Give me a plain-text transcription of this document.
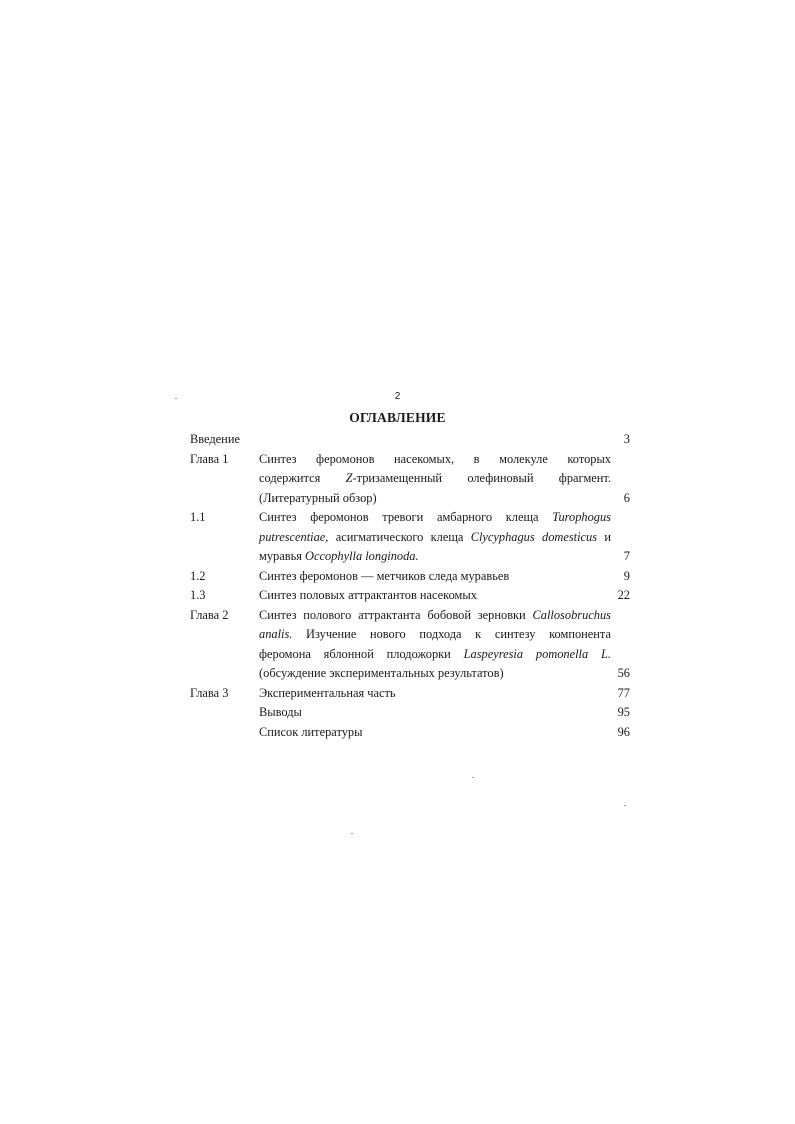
2
ОГЛАВЛЕНИЕ
Введение	3
Глава 1	Синтез феромонов насекомых, в молекуле которых
содержится Z-тризамещенный олефиновый фрагмент.
(Литературный обзор)	6
1.1	Синтез феромонов тревоги амбарного клеща Turophogus
putrescentiae, асигматического клеща Clycyphagus domesticus и
муравья Occophylla longinoda.	7
1.2	Синтез феромонов — метчиков следа муравьев	9
1.3	Синтез половых аттрактантов насекомых	22
Глава 2	Синтез полового аттрактанта бобовой зерновки Callosobruchus
analis. Изучение нового подхода к синтезу компонента
феромона яблонной плодожорки Laspeyresia pomonella L.
(обсуждение экспериментальных результатов)	56
Глава 3	Экспериментальная часть	77
Выводы	95
Список литературы	96
